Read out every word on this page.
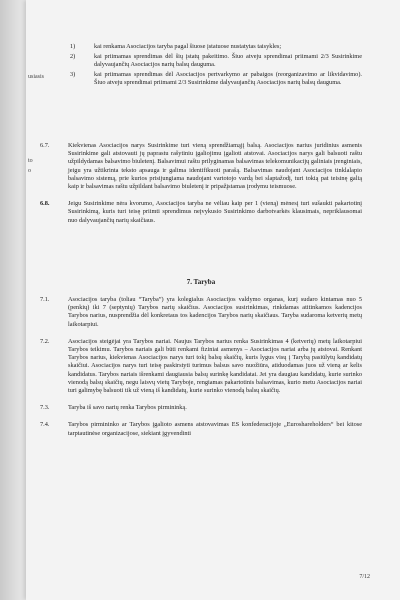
usiasis
to
o
1)	kai renkama Asociacijos taryba pagal šiuose įstatuose nustatytas taisykles;
2)	kai priimamas sprendimas dėl šių įstatų pakeitimo. Šiuo atveju sprendimai priimami 2/3 Susirinkime dalyvaujančių Asociacijos narių balsų dauguma.
3)	kai priimamas sprendimas dėl Asociacijos pertvarkymo ar pabaigos (reorganizavimo ar likvidavimo). Šiuo atveju sprendimai priimami 2/3 Susirinkime dalyvaujančių Asociacijos narių balsų dauguma.
6.7.	Kiekvienas Asociacijos narys Susirinkime turi vieną sprendžiamąjį balsą. Asociacijos narius juridinius asmenis Susirinkime gali atstovauti jų paprastu rašytiniu įgaliojimu įgalioti atstovai. Asociacijos narys gali balsuoti raštu užpildydamas balsavimo biuletenį. Balsavimui raštu prilyginamas balsavimas telekomunikacijų galiniais įrenginiais, jeigu yra užtikrinta teksto apsauga ir galima identifikuoti parašą. Balsavimas naudojant Asociacijos tinklalapio balsavimo sistemą, prie kurios prisijungiama naudojant vartotojo vardą bei slaptažodį, turi tokią pat teisinę galią kaip ir balsavimas raštu užpildant balsavimo biuletenį ir pripažįstamas įrodymu teismuose.
6.8.	Jeigu Susirinkime nėra kvorumo, Asociacijos taryba ne vėliau kaip per 1 (vieną) mėnesį turi sušaukti pakartotinį Susirinkimą, kuris turi teisę priimti sprendimus neįvykusio Susirinkimo darbotvarkės klausimais, nepriklausomai nuo dalyvaujančių narių skaičiaus.
7. Taryba
7.1.	Asociacijos taryba (toliau “Taryba”) yra kolegialus Asociacijos valdymo organas, kurį sudaro kintamas nuo 5 (penkių) iki 7 (septynių) Tarybos narių skaičius. Asociacijos susirinkimas, rinkdamas atitinkamos kadencijos Tarybos narius, nusprendžia dėl konkretaus tos kadencijos Tarybos narių skaičiaus. Taryba sudaroma ketverių metų laikotarpiui.
7.2.	Asociacijos steigėjai yra Tarybos nariai. Naujus Tarybos narius renka Susirinkimas 4 (ketverių) metų laikotarpiui Tarybos teikimu. Tarybos nariais gali būti renkami fiziniai asmenys – Asociacijos nariai arba jų atstovai. Renkant Tarybos narius, kiekvienas Asociacijos narys turi tokį balsų skaičių, kuris lygus visų į Tarybą pasiūlytų kandidatų skaičiui. Asociacijos narys turi teisę paskirstyti turimus balsus savo nuožiūra, atiduodamas juos už vieną ar kelis kandidatus. Tarybos nariais išrenkami daugiausia balsų surinkę kandidatai. Jei yra daugiau kandidatų, kurie surinko vienodą balsų skaičių, negu laisvų vietų Taryboje, rengiamas pakartotinis balsavimas, kurio metu Asociacijos nariai turi galimybę balsuoti tik už vieną iš kandidatų, kurie surinko vienodą balsų skaičių.
7.3.	Taryba iš savo narių renka Tarybos pirmininką.
7.4.	Tarybos pirmininko ar Tarybos įgalioto asmens atstovavimas ES konfederacijoje „Euroshareholders“ bei kitose tarptautinėse organizacijose, siekiant įgyvendinti
7/12
